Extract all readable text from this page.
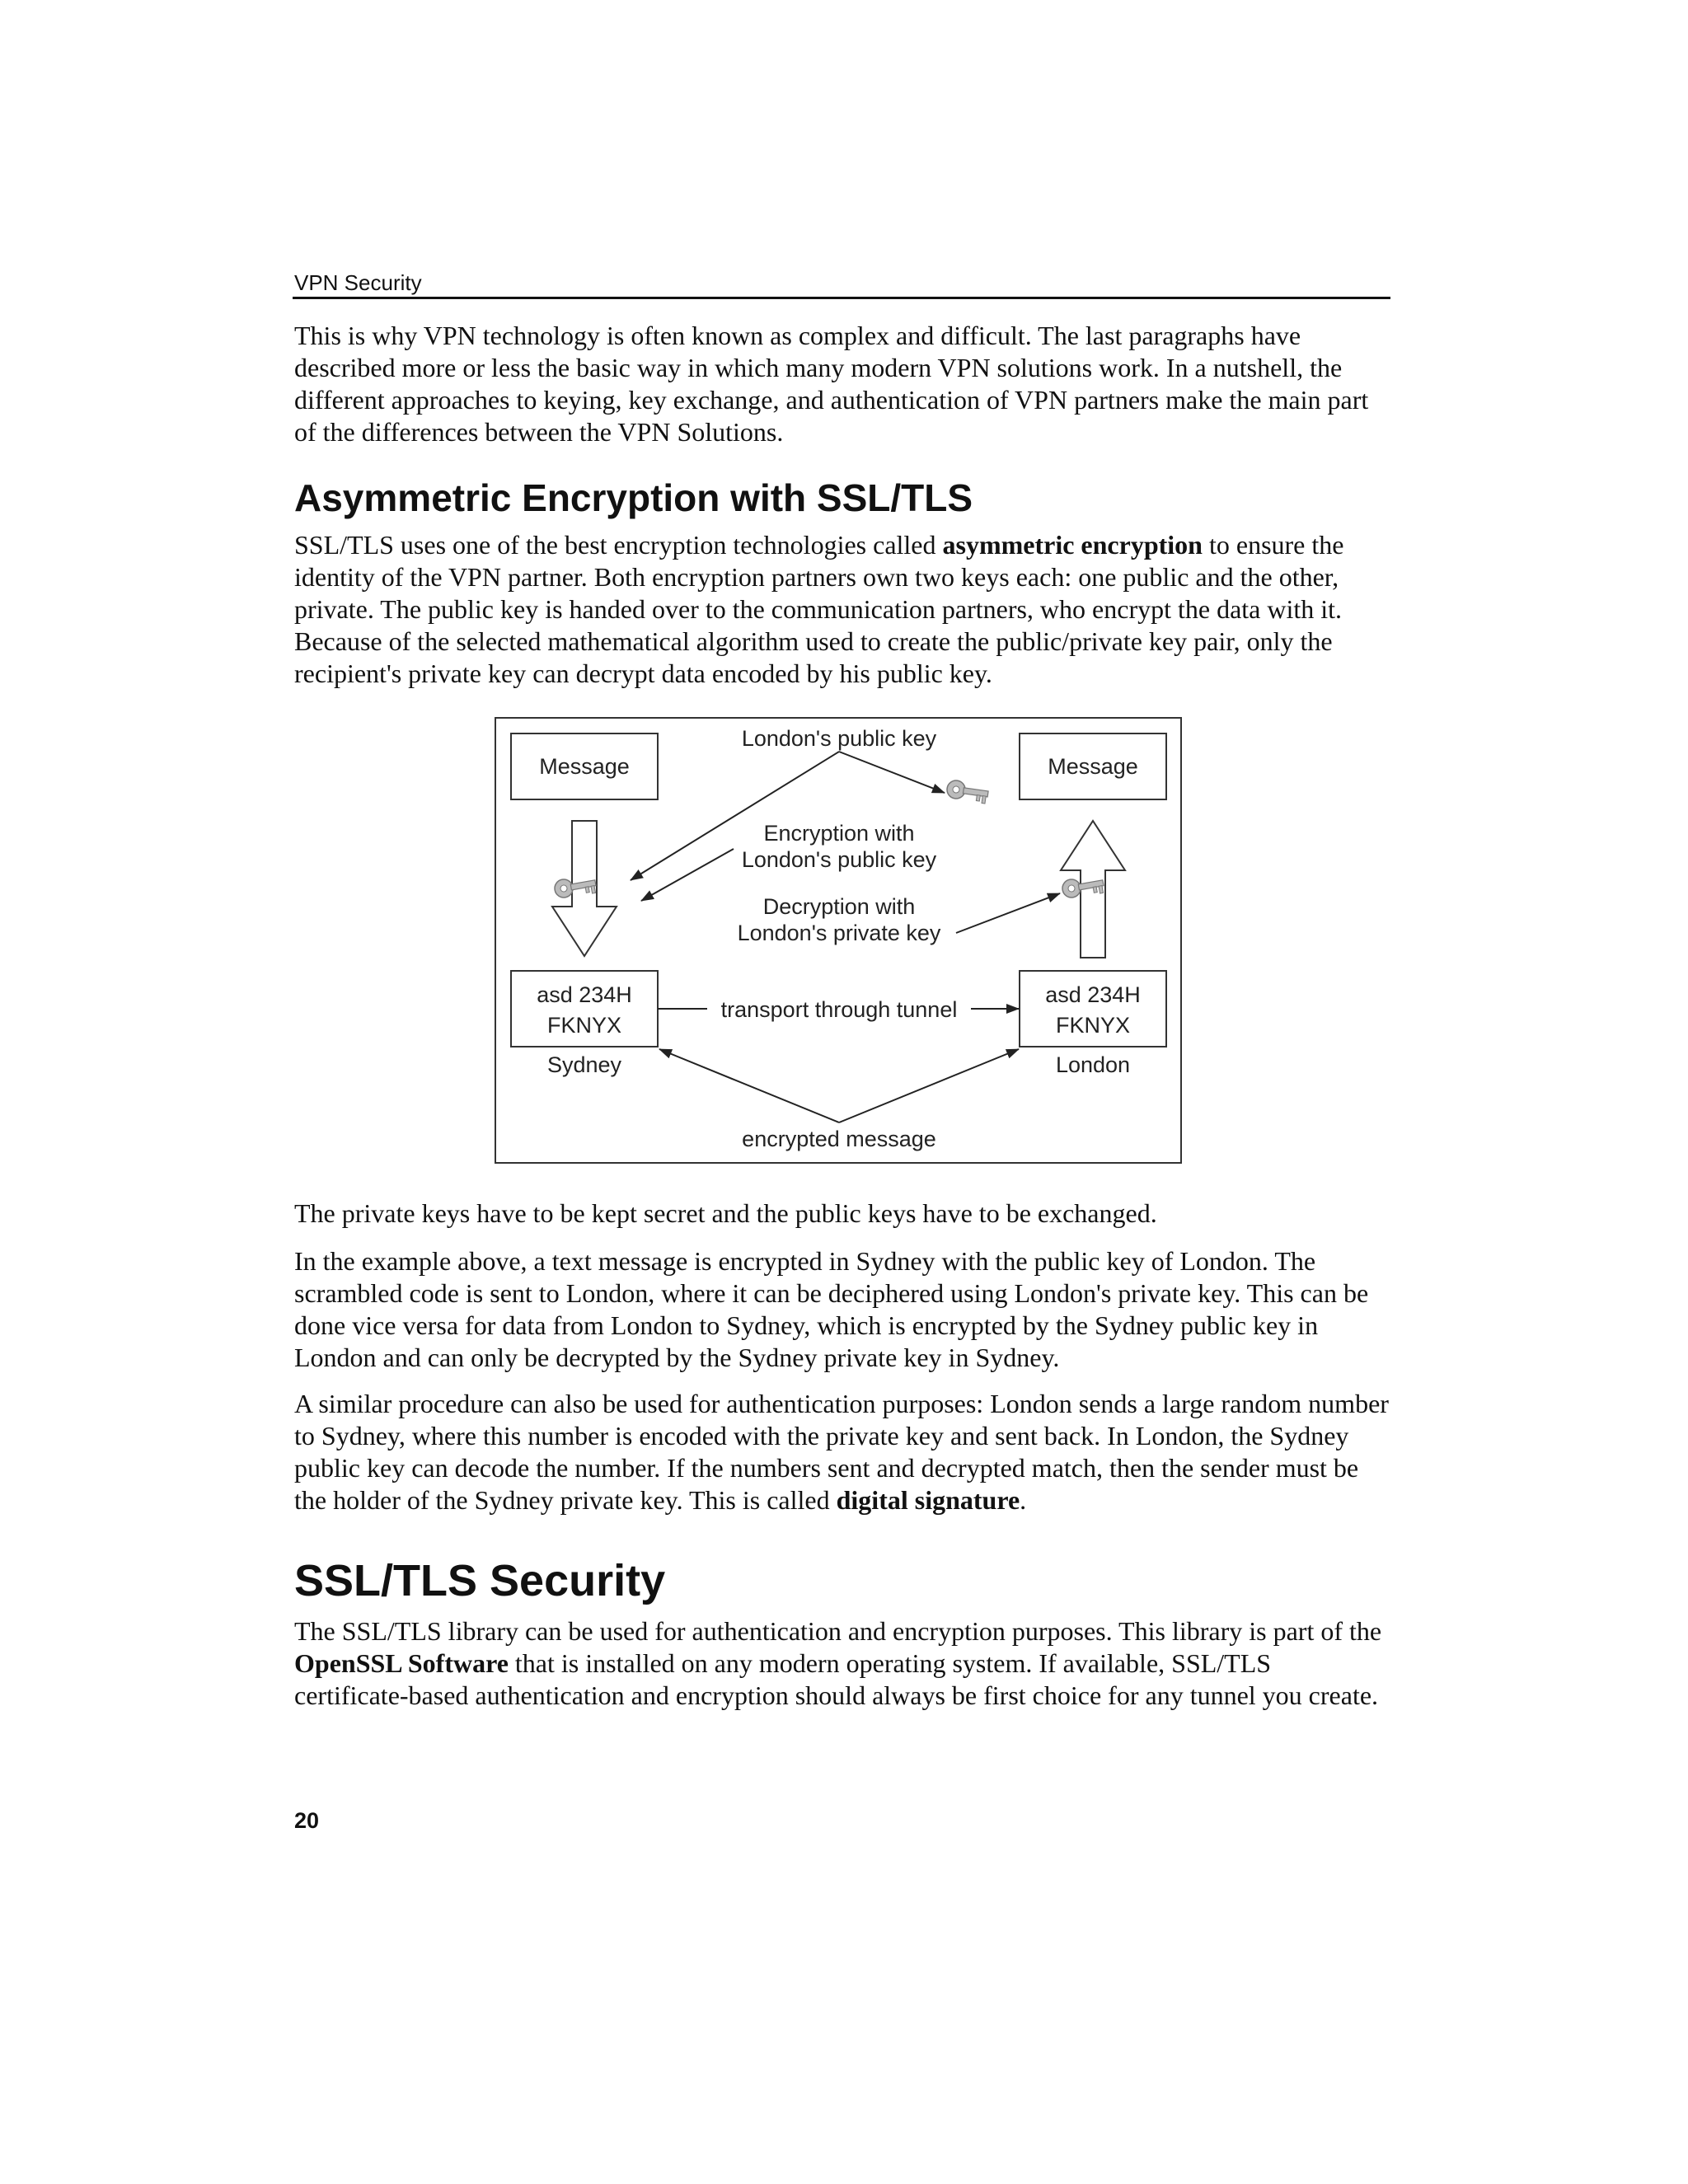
VPN Security

This is why VPN technology is often known as complex and difficult. The last paragraphs have described more or less the basic way in which many modern VPN solutions work. In a nutshell, the different approaches to keying, key exchange, and authentication of VPN partners make the main part of the differences between the VPN Solutions.

Asymmetric Encryption with SSL/TLS

SSL/TLS uses one of the best encryption technologies called asymmetric encryption to ensure the identity of the VPN partner. Both encryption partners own two keys each: one public and the other, private. The public key is handed over to the communication partners, who encrypt the data with it. Because of the selected mathematical algorithm used to create the public/private key pair, only the recipient's private key can decrypt data encoded by his public key.

Message	Message
asd 234H
FKNYX
asd 234H
FKNYX
Sydney	London
London's public key
Encryption with
London's public key
Decryption with
London's private key
transport through tunnel
encrypted message

The private keys have to be kept secret and the public keys have to be exchanged.

In the example above, a text message is encrypted in Sydney with the public key of London. The scrambled code is sent to London, where it can be deciphered using London's private key. This can be done vice versa for data from London to Sydney, which is encrypted by the Sydney public key in London and can only be decrypted by the Sydney private key in Sydney.

A similar procedure can also be used for authentication purposes: London sends a large random number to Sydney, where this number is encoded with the private key and sent back. In London, the Sydney public key can decode the number. If the numbers sent and decrypted match, then the sender must be the holder of the Sydney private key. This is called digital signature.

SSL/TLS Security

The SSL/TLS library can be used for authentication and encryption purposes. This library is part of the OpenSSL Software that is installed on any modern operating system. If available, SSL/TLS certificate-based authentication and encryption should always be first choice for any tunnel you create.

20
